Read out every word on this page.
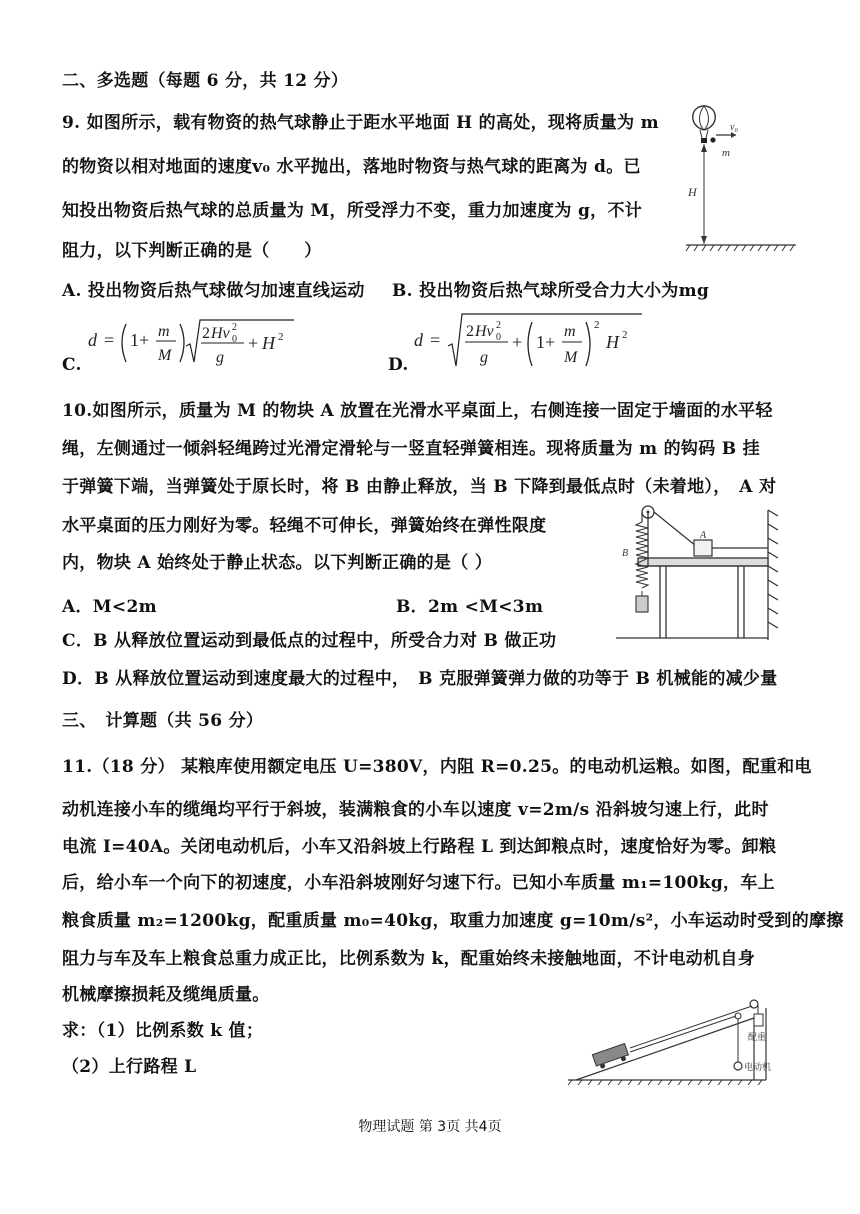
二、多选题（每题 6 分，共 12 分）
9. 如图所示，载有物资的热气球静止于距水平地面 H 的高处，现将质量为 m
的物资以相对地面的速度v₀ 水平抛出，落地时物资与热气球的距离为 d。已
知投出物资后热气球的总质量为 M，所受浮力不变，重力加速度为 g，不计
阻力，以下判断正确的是（　　）
A. 投出物资后热气球做匀加速直线运动 B. 投出物资后热气球所受合力大小为mg
C.
d = 1+ m
M
2 Hv 0
2
g
+ H 2
D.
d = 2 Hv 0
2
g
+ 1+
m
M
2
H 2
v₀
m
H
10.如图所示，质量为 M 的物块 A 放置在光滑水平桌面上，右侧连接一固定于墙面的水平轻
绳，左侧通过一倾斜轻绳跨过光滑定滑轮与一竖直轻弹簧相连。现将质量为 m 的钩码 B 挂
于弹簧下端，当弹簧处于原长时，将 B 由静止释放，当 B 下降到最低点时（未着地），　A 对
水平桌面的压力刚好为零。轻绳不可伸长，弹簧始终在弹性限度
内，物块 A 始终处于静止状态。以下判断正确的是（ ）
A．M<2m	B．2m <M<3m
C．B 从释放位置运动到最低点的过程中，所受合力对 B 做正功
D．B 从释放位置运动到速度最大的过程中，　B 克服弹簧弹力做的功等于 B 机械能的减少量
A
B
三、　计算题（共 56 分）
11.（18 分） 某粮库使用额定电压 U=380V，内阻 R=0.25。的电动机运粮。如图，配重和电
动机连接小车的缆绳均平行于斜坡，装满粮食的小车以速度 v=2m/s 沿斜坡匀速上行，此时
电流 I=40A。关闭电动机后，小车又沿斜坡上行路程 L 到达卸粮点时，速度恰好为零。卸粮
后，给小车一个向下的初速度，小车沿斜坡刚好匀速下行。已知小车质量 m₁=100kg，车上
粮食质量 m₂=1200kg，配重质量 m₀=40kg，取重力加速度 g=10m/s²，小车运动时受到的摩擦
阻力与车及车上粮食总重力成正比，比例系数为 k，配重始终未接触地面，不计电动机自身
机械摩擦损耗及缆绳质量。
求：（1）比例系数 k 值；
（2）上行路程 L
配重
电动机
物理试题 第 3页 共4页
